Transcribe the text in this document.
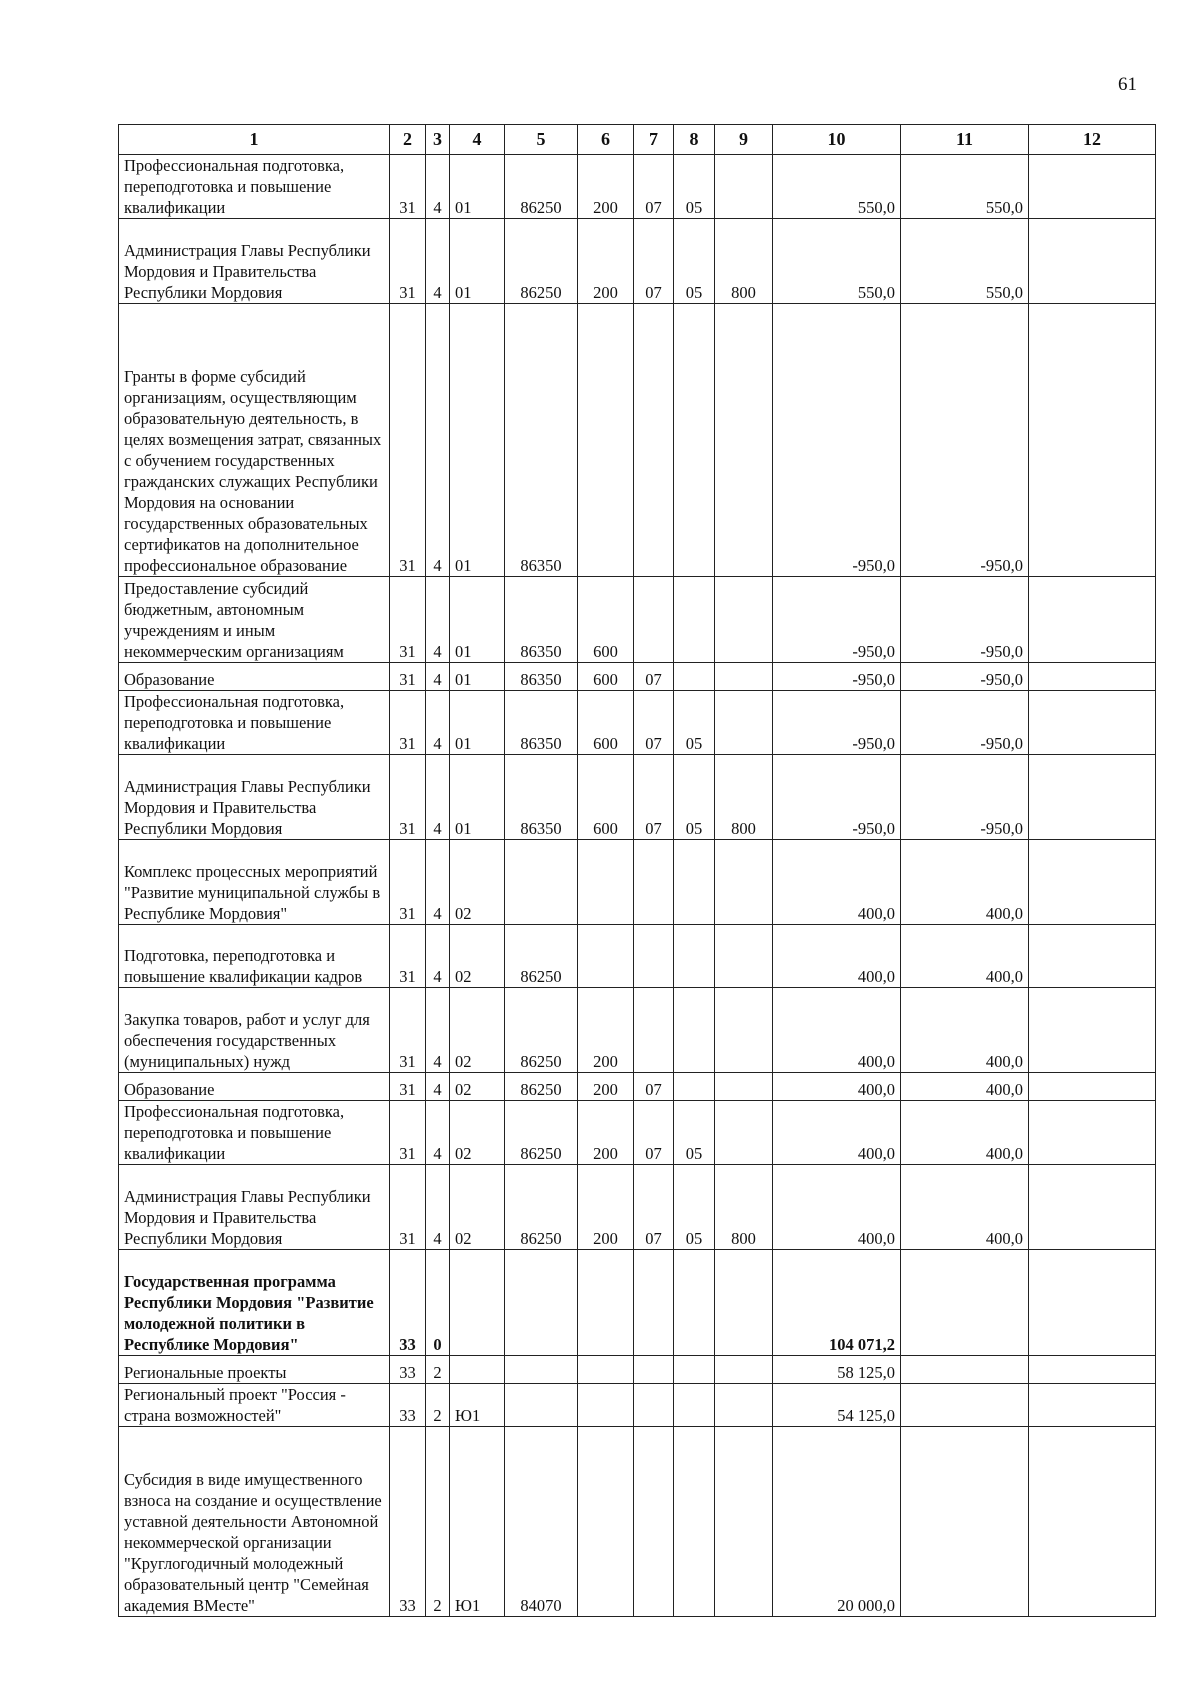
61
1	2	3	4	5	6	7	8	9	10	11	12
Профессиональная подготовка, переподготовка и повышение квалификации	31	4	01	86250	200	07	05		550,0	550,0	
Администрация Главы Республики Мордовия и Правительства Республики Мордовия	31	4	01	86250	200	07	05	800	550,0	550,0	
Гранты в форме субсидий организациям, осуществляющим образовательную деятельность, в целях возмещения затрат, связанных с обучением государственных гражданских служащих Республики Мордовия на основании государственных образовательных сертификатов на дополнительное профессиональное образование	31	4	01	86350					-950,0	-950,0	
Предоставление субсидий бюджетным, автономным учреждениям и иным некоммерческим организациям	31	4	01	86350	600				-950,0	-950,0	
Образование	31	4	01	86350	600	07			-950,0	-950,0	
Профессиональная подготовка, переподготовка и повышение квалификации	31	4	01	86350	600	07	05		-950,0	-950,0	
Администрация Главы Республики Мордовия и Правительства Республики Мордовия	31	4	01	86350	600	07	05	800	-950,0	-950,0	
Комплекс процессных мероприятий "Развитие муниципальной службы в Республике Мордовия"	31	4	02						400,0	400,0	
Подготовка, переподготовка и повышение квалификации кадров	31	4	02	86250					400,0	400,0	
Закупка товаров, работ и услуг для обеспечения государственных (муниципальных) нужд	31	4	02	86250	200				400,0	400,0	
Образование	31	4	02	86250	200	07			400,0	400,0	
Профессиональная подготовка, переподготовка и повышение квалификации	31	4	02	86250	200	07	05		400,0	400,0	
Администрация Главы Республики Мордовия и Правительства Республики Мордовия	31	4	02	86250	200	07	05	800	400,0	400,0	
Государственная программа Республики Мордовия "Развитие молодежной политики в Республике Мордовия"	33	0							104 071,2		
Региональные проекты	33	2							58 125,0		
Региональный проект "Россия - страна возможностей"	33	2	Ю1						54 125,0		
Субсидия в виде имущественного взноса на создание и осуществление уставной деятельности Автономной некоммерческой организации "Круглогодичный молодежный образовательный центр "Семейная академия ВМесте"	33	2	Ю1	84070					20 000,0		
